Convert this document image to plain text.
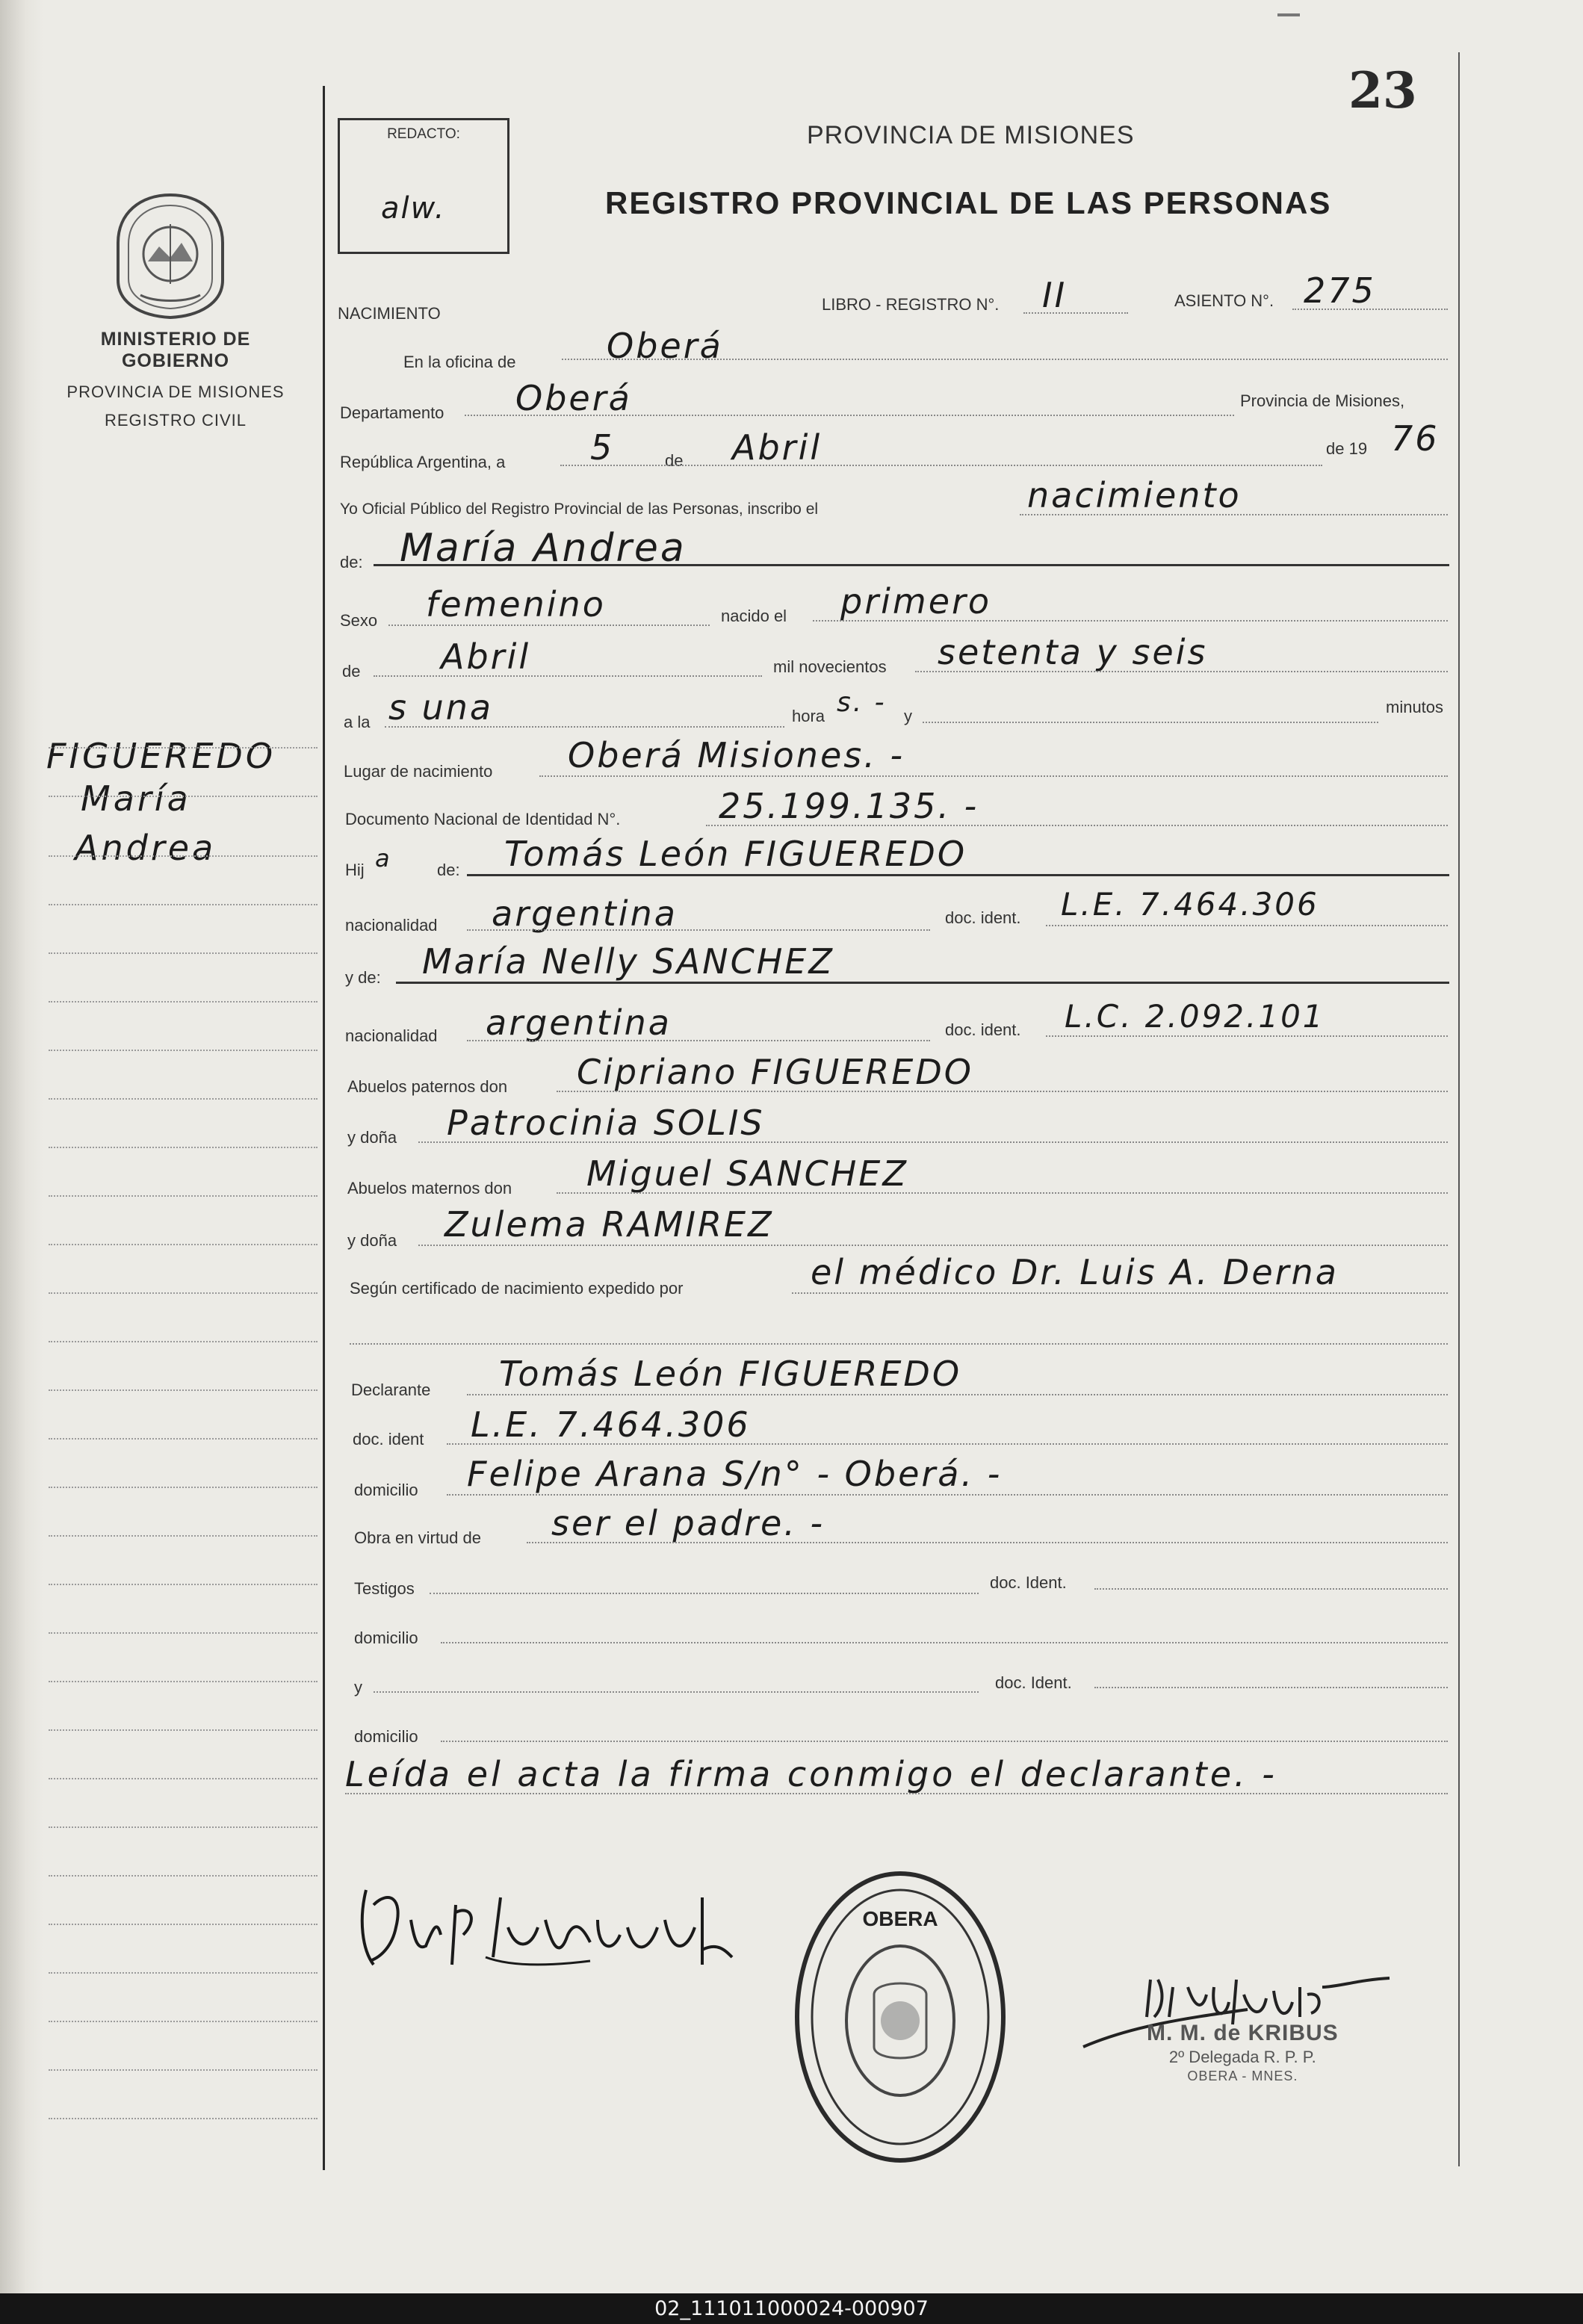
23
REDACTO:
alw.
PROVINCIA DE MISIONES
REGISTRO PROVINCIAL DE LAS PERSONAS
MINISTERIO DE GOBIERNO
PROVINCIA DE MISIONES
REGISTRO CIVIL
FIGUEREDO
María
Andrea
NACIMIENTO	LIBRO - REGISTRO N°. II	ASIENTO N°. 275
En la oficina de	Oberá
Departamento Oberá	Provincia de Misiones,
República Argentina, a 5	de Abril	de 19 76
Yo Oficial Público del Registro Provincial de las Personas, inscribo el	nacimiento
de: María Andrea
Sexo femenino	nacido el primero
de Abril	mil novecientos setenta y seis
a la s una	hora s. - y	minutos
Lugar de nacimiento Oberá Misiones. -
Documento Nacional de Identidad N°.	25.199.135. -
Hij a	de: Tomás León FIGUEREDO
nacionalidad argentina	doc. ident. L.E. 7.464.306
y de: María Nelly SANCHEZ
nacionalidad argentina	doc. ident. L.C. 2.092.101
Abuelos paternos don Cipriano FIGUEREDO
y doña Patrocinia SOLIS
Abuelos maternos don Miguel SANCHEZ
y doña Zulema RAMIREZ
Según certificado de nacimiento expedido por	el médico Dr. Luis A. Derna
Declarante Tomás León FIGUEREDO
doc. ident L.E. 7.464.306
domicilio Felipe Arana S/n° - Oberá. -
Obra en virtud de ser el padre. -
Testigos	doc. Ident.
domicilio
y	doc. Ident.
domicilio
Leída el acta la firma conmigo el declarante. -
OBERA
M. M. de KRIBUS
2º Delegada R. P. P.
OBERA - MNES.
02_111011000024-000907
